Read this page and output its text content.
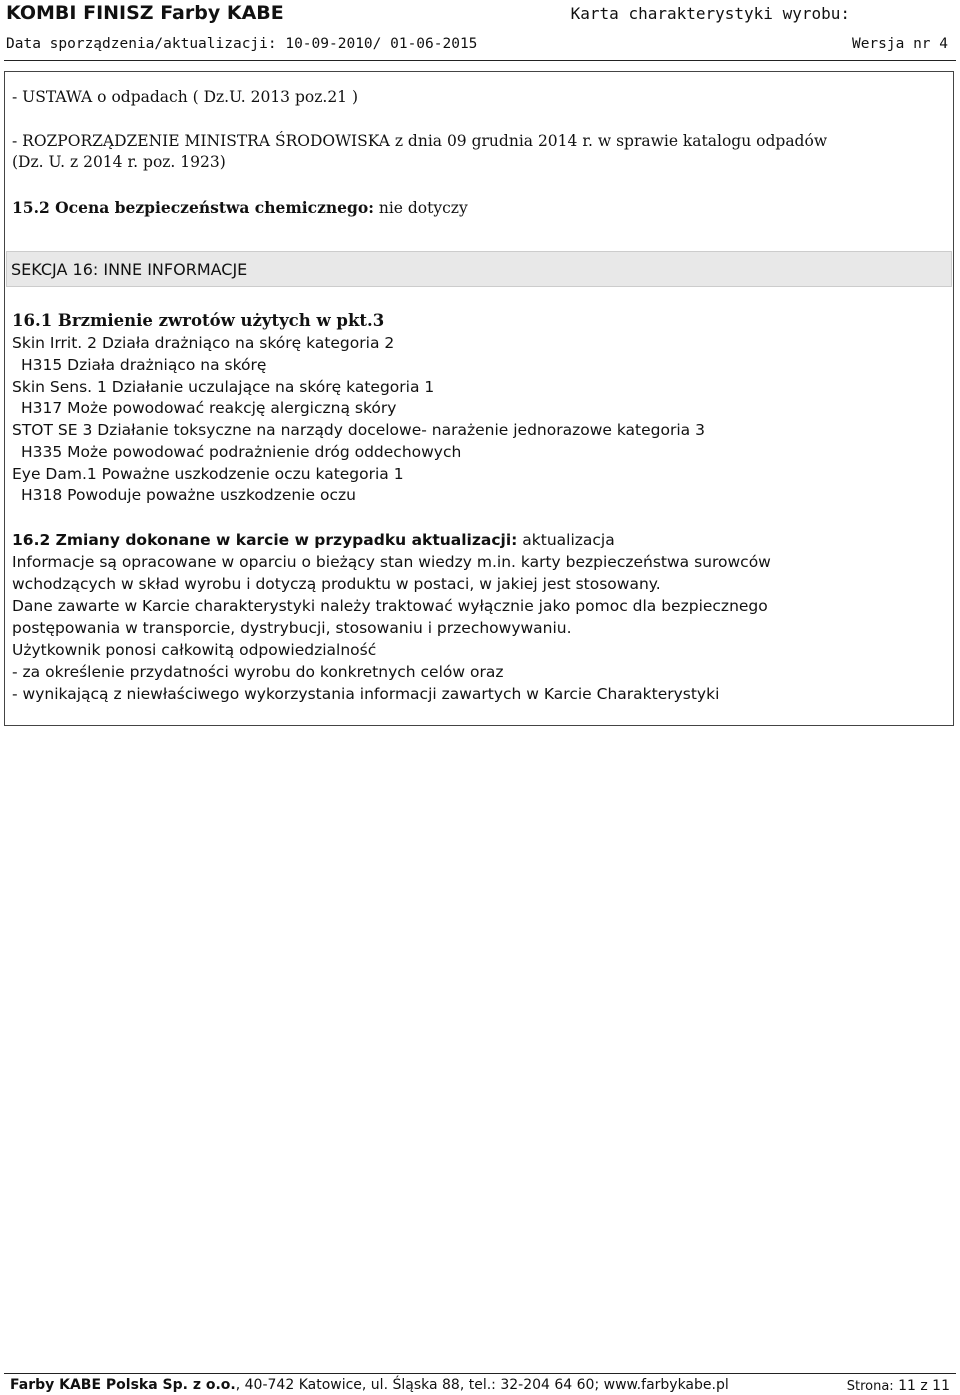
KOMBI FINISZ Farby KABE	Karta charakterystyki wyrobu:
Data sporządzenia/aktualizacji: 10-09-2010/ 01-06-2015	Wersja nr 4
- USTAWA o odpadach ( Dz.U. 2013 poz.21 )
- ROZPORZĄDZENIE MINISTRA ŚRODOWISKA z dnia 09 grudnia 2014 r. w sprawie katalogu odpadów
(Dz. U. z 2014 r. poz. 1923)
15.2 Ocena bezpieczeństwa chemicznego: nie dotyczy
SEKCJA 16: INNE INFORMACJE
16.1 Brzmienie zwrotów użytych w pkt.3
Skin Irrit. 2 Działa drażniąco na skórę kategoria 2
H315 Działa drażniąco na skórę
Skin Sens. 1 Działanie uczulające na skórę kategoria 1
H317 Może powodować reakcję alergiczną skóry
STOT SE 3 Działanie toksyczne na narządy docelowe- narażenie jednorazowe kategoria 3
H335 Może powodować podrażnienie dróg oddechowych
Eye Dam.1 Poważne uszkodzenie oczu kategoria 1
H318 Powoduje poważne uszkodzenie oczu
16.2 Zmiany dokonane w karcie w przypadku aktualizacji: aktualizacja
Informacje są opracowane w oparciu o bieżący stan wiedzy m.in. karty bezpieczeństwa surowców
wchodzących w skład wyrobu i dotyczą produktu w postaci, w jakiej jest stosowany.
Dane zawarte w Karcie charakterystyki należy traktować wyłącznie jako pomoc dla bezpiecznego
postępowania w transporcie, dystrybucji, stosowaniu i przechowywaniu.
Użytkownik ponosi całkowitą odpowiedzialność
- za określenie przydatności wyrobu do konkretnych celów oraz
- wynikającą z niewłaściwego wykorzystania informacji zawartych w Karcie Charakterystyki
Farby KABE Polska Sp. z o.o., 40-742 Katowice, ul. Śląska 88, tel.: 32-204 64 60; www.farbykabe.pl	Strona: 11 z 11
